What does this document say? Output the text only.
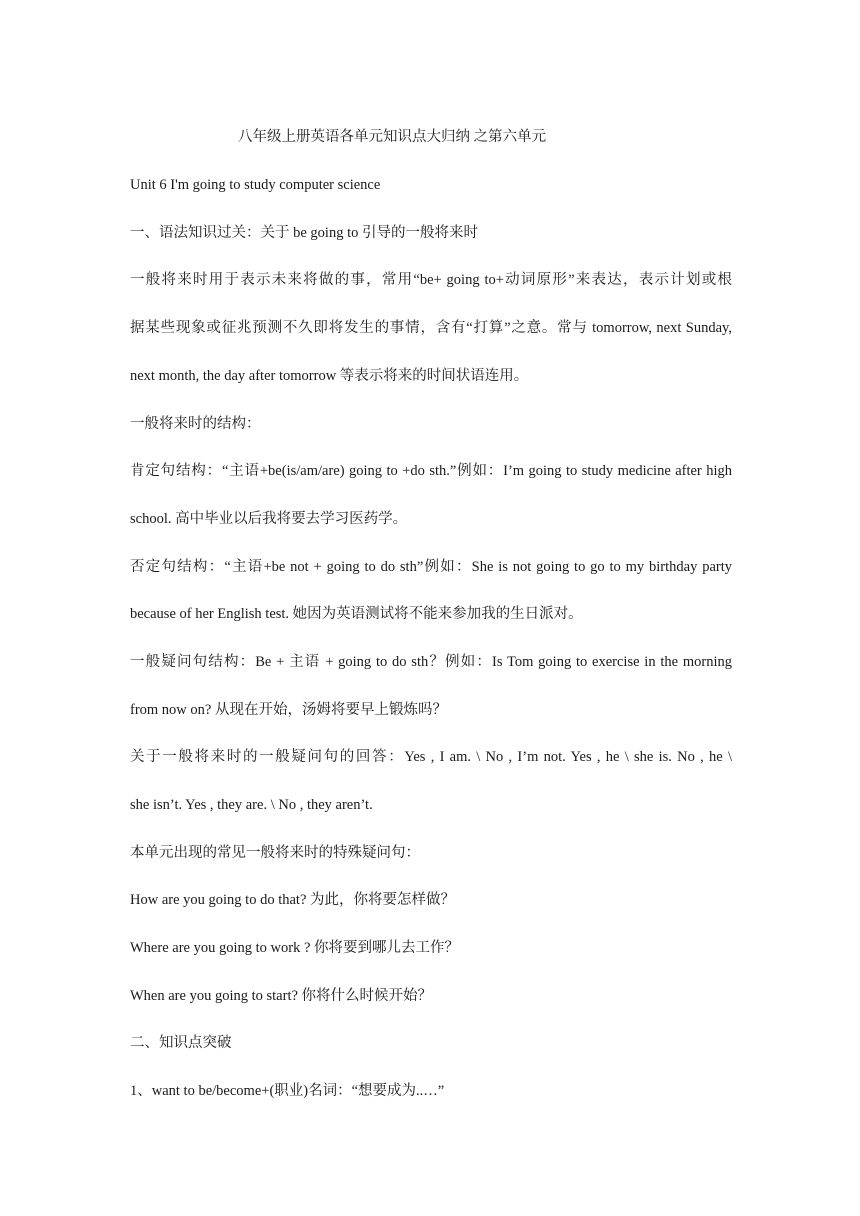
八年级上册英语各单元知识点大归纳 之第六单元
Unit 6 I'm going to study computer science
一、语法知识过关：关于 be going to 引导的一般将来时
一般将来时用于表示未来将做的事，常用“be+ going to+动词原形”来表达，表示计划或根
据某些现象或征兆预测不久即将发生的事情，含有“打算”之意。常与 tomorrow, next Sunday,
next month, the day after tomorrow 等表示将来的时间状语连用。
一般将来时的结构：
肯定句结构：“主语+be(is/am/are) going to +do sth.”例如：I’m going to study medicine after high
school. 高中毕业以后我将要去学习医药学。
否定句结构：“主语+be not + going to do sth”例如：She is not going to go to my birthday party
because of her English test. 她因为英语测试将不能来参加我的生日派对。
一般疑问句结构：Be + 主语 + going to do sth？例如：Is Tom going to exercise in the morning
from now on? 从现在开始，汤姆将要早上锻炼吗？
关于一般将来时的一般疑问句的回答：Yes , I am. \ No , I’m not. Yes , he \ she is. No , he \
she isn’t. Yes , they are. \ No , they aren’t.
本单元出现的常见一般将来时的特殊疑问句：
How are you going to do that? 为此，你将要怎样做？
Where are you going to work ? 你将要到哪儿去工作？
When are you going to start? 你将什么时候开始？
二、知识点突破
1、want to be/become+(职业)名词：“想要成为..…”
